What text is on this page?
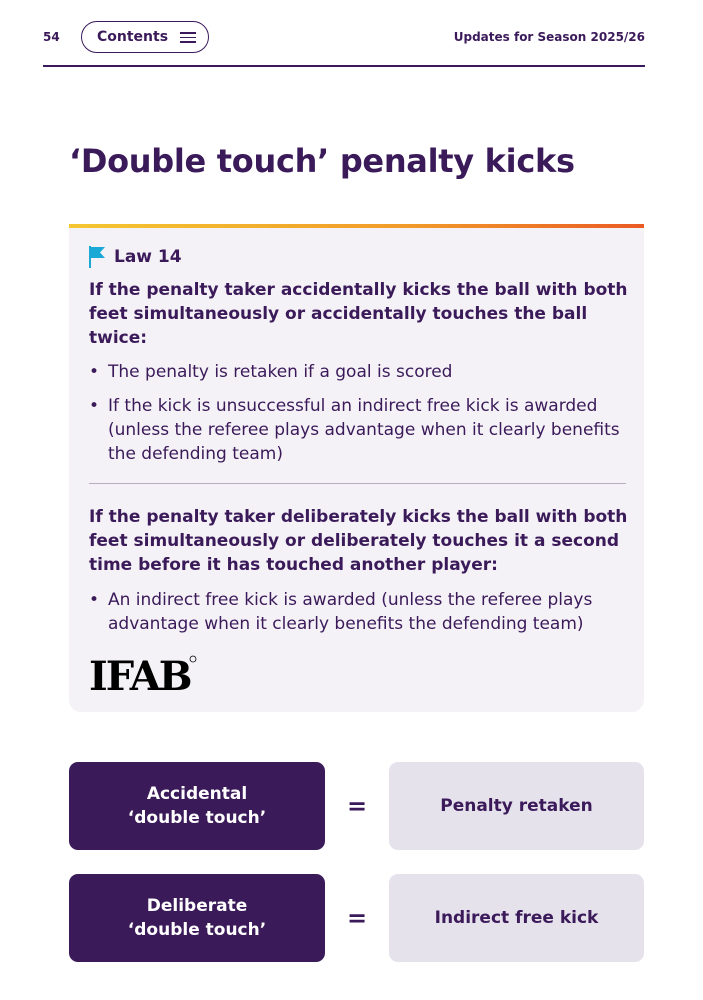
54	Contents	Updates for Season 2025/26
‘Double touch’ penalty kicks
Law 14

If the penalty taker accidentally kicks the ball with both feet simultaneously or accidentally touches the ball twice:

• The penalty is retaken if a goal is scored
• If the kick is unsuccessful an indirect free kick is awarded (unless the referee plays advantage when it clearly benefits the defending team)

If the penalty taker deliberately kicks the ball with both feet simultaneously or deliberately touches it a second time before it has touched another player:

• An indirect free kick is awarded (unless the referee plays advantage when it clearly benefits the defending team)
IFAB
Accidental
‘double touch’	=	Penalty retaken
Deliberate
‘double touch’	=	Indirect free kick
